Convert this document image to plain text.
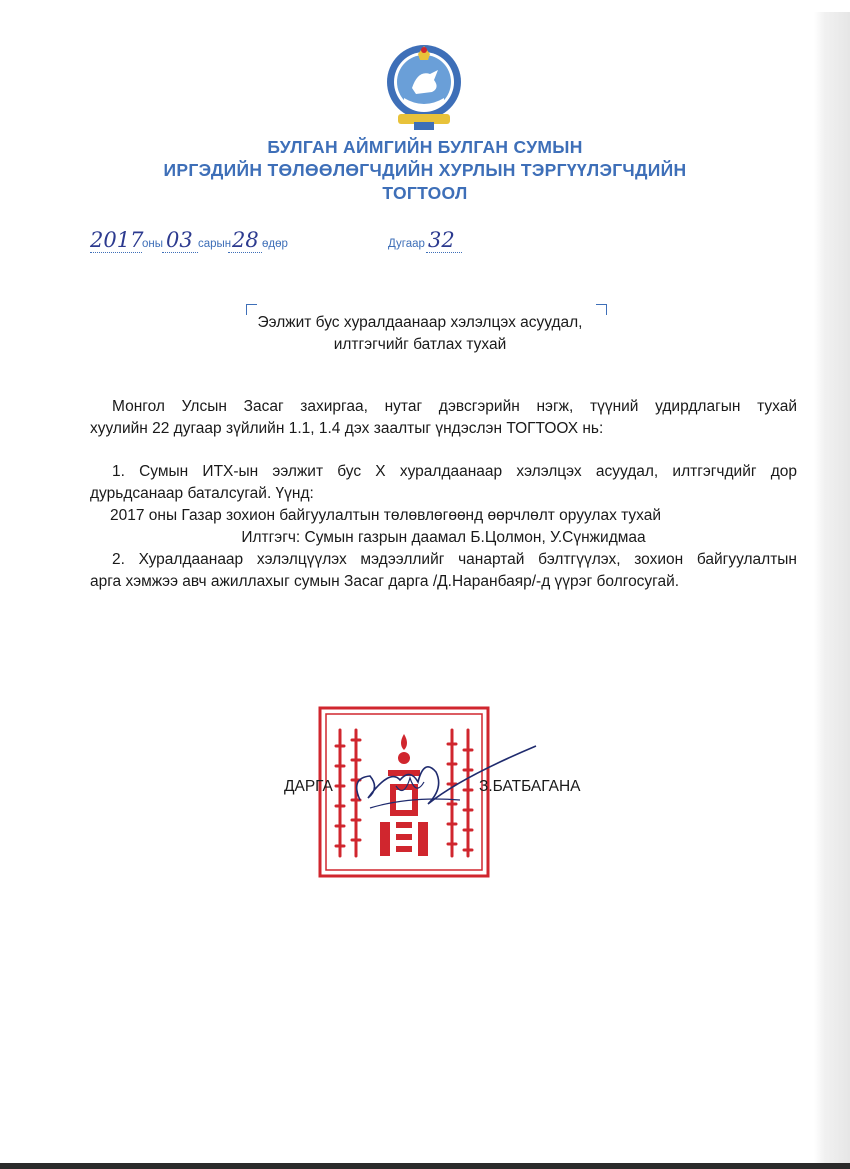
БУЛГАН АЙМГИЙН БУЛГАН СУМЫН
ИРГЭДИЙН ТӨЛӨӨЛӨГЧДИЙН ХУРЛЫН ТЭРГҮҮЛЭГЧДИЙН
ТОГТООЛ
2017
оны 03 сарын 28 өдөр	Дугаар 32
Ээлжит бус хуралдаанаар хэлэлцэх асуудал,
илтгэгчийг батлах тухай
Монгол Улсын Засаг захиргаа, нутаг дэвсгэрийн нэгж, түүний удирдлагын тухай
хуулийн 22 дугаар зүйлийн 1.1, 1.4 дэх заалтыг үндэслэн ТОГТООХ нь:
1. Сумын ИТХ-ын ээлжит бус Х хуралдаанаар хэлэлцэх асуудал, илтгэгчдийг дор
дурьдсанаар баталсугай. Үүнд:
2017 оны Газар зохион байгуулалтын төлөвлөгөөнд өөрчлөлт оруулах тухай
Илтгэгч: Сумын газрын даамал Б.Цолмон, У.Сүнжидмаа
2. Хуралдаанаар хэлэлцүүлэх мэдээллийг чанартай бэлтгүүлэх, зохион байгуулалтын
арга хэмжээ авч ажиллахыг сумын Засаг дарга /Д.Наранбаяр/-д үүрэг болгосугай.
ДАРГА	З.БАТБАГАНА
